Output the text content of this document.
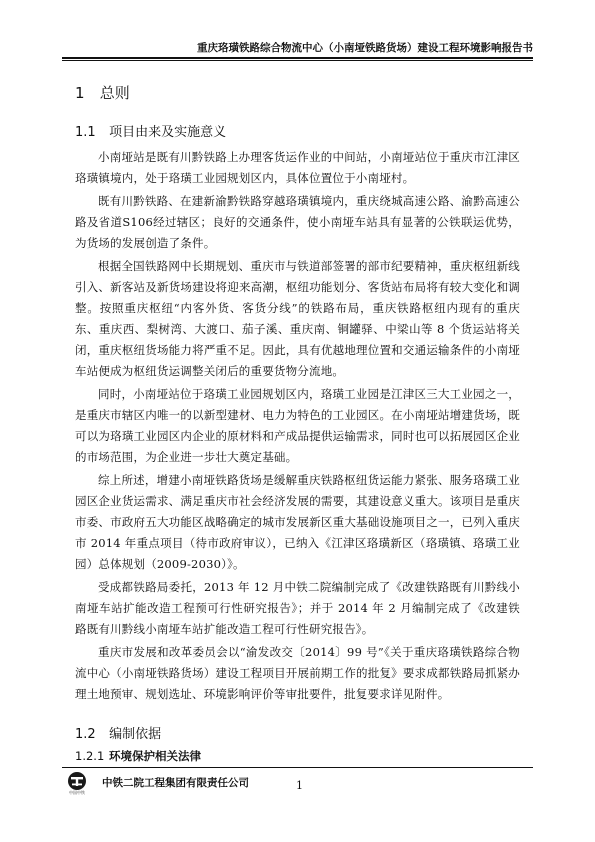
重庆珞璜铁路综合物流中心（小南垭铁路货场）建设工程环境影响报告书
1 总则
1.1 项目由来及实施意义

小南垭站是既有川黔铁路上办理客货运作业的中间站，小南垭站位于重庆市江津区珞璜镇境内，处于珞璜工业园规划区内，具体位置位于小南垭村。

既有川黔铁路、在建新渝黔铁路穿越珞璜镇境内，重庆绕城高速公路、渝黔高速公路及省道S106经过辖区；良好的交通条件，使小南垭车站具有显著的公铁联运优势，为货场的发展创造了条件。

根据全国铁路网中长期规划、重庆市与铁道部签署的部市纪要精神，重庆枢纽新线引入、新客站及新货场建设将迎来高潮，枢纽功能划分、客货站布局将有较大变化和调整。按照重庆枢纽“内客外货、客货分线”的铁路布局，重庆铁路枢纽内现有的重庆东、重庆西、梨树湾、大渡口、茄子溪、重庆南、铜罐驿、中梁山等 8 个货运站将关闭，重庆枢纽货场能力将严重不足。因此，具有优越地理位置和交通运输条件的小南垭车站便成为枢纽货运调整关闭后的重要货物分流地。

同时，小南垭站位于珞璜工业园规划区内，珞璜工业园是江津区三大工业园之一，是重庆市辖区内唯一的以新型建材、电力为特色的工业园区。在小南垭站增建货场，既可以为珞璜工业园区内企业的原材料和产成品提供运输需求，同时也可以拓展园区企业的市场范围，为企业进一步壮大奠定基础。

综上所述，增建小南垭铁路货场是缓解重庆铁路枢纽货运能力紧张、服务珞璜工业园区企业货运需求、满足重庆市社会经济发展的需要，其建设意义重大。该项目是重庆市委、市政府五大功能区战略确定的城市发展新区重大基础设施项目之一，已列入重庆市 2014 年重点项目（待市政府审议），已纳入《江津区珞璜新区（珞璜镇、珞璜工业园）总体规划（2009-2030）》。

受成都铁路局委托，2013 年 12 月中铁二院编制完成了《改建铁路既有川黔线小南垭车站扩能改造工程预可行性研究报告》；并于 2014 年 2 月编制完成了《改建铁路既有川黔线小南垭车站扩能改造工程可行性研究报告》。

重庆市发展和改革委员会以“渝发改交〔2014〕99 号”《关于重庆珞璜铁路综合物流中心（小南垭铁路货场）建设工程项目开展前期工作的批复》要求成都铁路局抓紧办理土地预审、规划选址、环境影响评价等审批要件，批复要求详见附件。

1.2 编制依据
1.2.1 环境保护相关法律
中国中铁
中铁二院工程集团有限责任公司	1
